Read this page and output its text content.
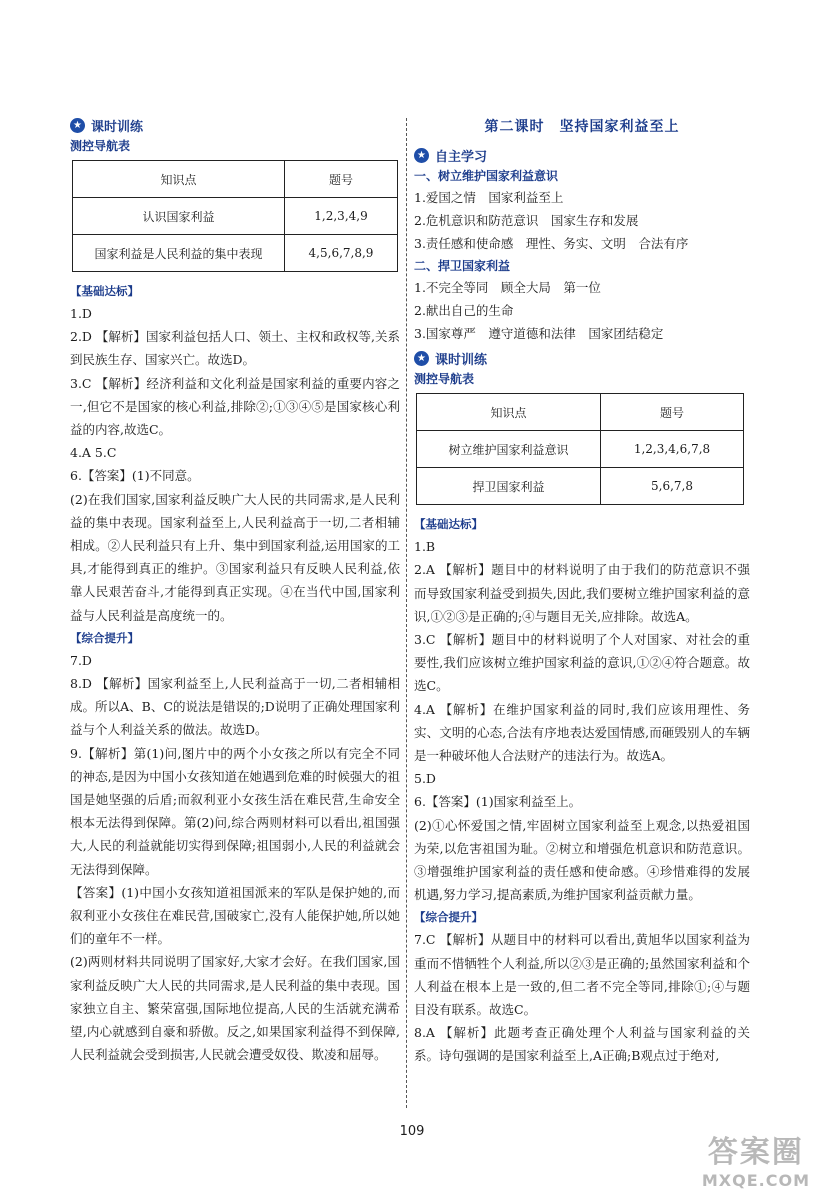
★ 课时训练
测控导航表
知识点	题号
认识国家利益	1,2,3,4,9
国家利益是人民利益的集中表现	4,5,6,7,8,9
【基础达标】
1.D
2.D 【解析】国家利益包括人口、领土、主权和政权等,关系到民族生存、国家兴亡。故选D。
3.C 【解析】经济利益和文化利益是国家利益的重要内容之一,但它不是国家的核心利益,排除②;①③④⑤是国家核心利益的内容,故选C。
4.A 5.C
6.【答案】(1)不同意。
(2)在我们国家,国家利益反映广大人民的共同需求,是人民利益的集中表现。国家利益至上,人民利益高于一切,二者相辅相成。②人民利益只有上升、集中到国家利益,运用国家的工具,才能得到真正的维护。③国家利益只有反映人民利益,依靠人民艰苦奋斗,才能得到真正实现。④在当代中国,国家利益与人民利益是高度统一的。
【综合提升】
7.D
8.D 【解析】国家利益至上,人民利益高于一切,二者相辅相成。所以A、B、C的说法是错误的;D说明了正确处理国家利益与个人利益关系的做法。故选D。
9.【解析】第(1)问,图片中的两个小女孩之所以有完全不同的神态,是因为中国小女孩知道在她遇到危难的时候强大的祖国是她坚强的后盾;而叙利亚小女孩生活在难民营,生命安全根本无法得到保障。第(2)问,综合两则材料可以看出,祖国强大,人民的利益就能切实得到保障;祖国弱小,人民的利益就会无法得到保障。
【答案】(1)中国小女孩知道祖国派来的军队是保护她的,而叙利亚小女孩住在难民营,国破家亡,没有人能保护她,所以她们的童年不一样。
(2)两则材料共同说明了国家好,大家才会好。在我们国家,国家利益反映广大人民的共同需求,是人民利益的集中表现。国家独立自主、繁荣富强,国际地位提高,人民的生活就充满希望,内心就感到自豪和骄傲。反之,如果国家利益得不到保障,人民利益就会受到损害,人民就会遭受奴役、欺凌和屈辱。
第二课时　坚持国家利益至上
★ 自主学习
一、树立维护国家利益意识
1.爱国之情　国家利益至上
2.危机意识和防范意识　国家生存和发展
3.责任感和使命感　理性、务实、文明　合法有序
二、捍卫国家利益
1.不完全等同　顾全大局　第一位
2.献出自己的生命
3.国家尊严　遵守道德和法律　国家团结稳定
★ 课时训练
测控导航表
知识点	题号
树立维护国家利益意识	1,2,3,4,6,7,8
捍卫国家利益	5,6,7,8
【基础达标】
1.B
2.A 【解析】题目中的材料说明了由于我们的防范意识不强而导致国家利益受到损失,因此,我们要树立维护国家利益的意识,①②③是正确的;④与题目无关,应排除。故选A。
3.C 【解析】题目中的材料说明了个人对国家、对社会的重要性,我们应该树立维护国家利益的意识,①②④符合题意。故选C。
4.A 【解析】在维护国家利益的同时,我们应该用理性、务实、文明的心态,合法有序地表达爱国情感,而砸毁别人的车辆是一种破坏他人合法财产的违法行为。故选A。
5.D
6.【答案】(1)国家利益至上。
(2)①心怀爱国之情,牢固树立国家利益至上观念,以热爱祖国为荣,以危害祖国为耻。②树立和增强危机意识和防范意识。③增强维护国家利益的责任感和使命感。④珍惜难得的发展机遇,努力学习,提高素质,为维护国家利益贡献力量。
【综合提升】
7.C 【解析】从题目中的材料可以看出,黄旭华以国家利益为重而不惜牺牲个人利益,所以②③是正确的;虽然国家利益和个人利益在根本上是一致的,但二者不完全等同,排除①;④与题目没有联系。故选C。
8.A 【解析】此题考查正确处理个人利益与国家利益的关系。诗句强调的是国家利益至上,A正确;B观点过于绝对,
109
答案圈
MXQE.COM
